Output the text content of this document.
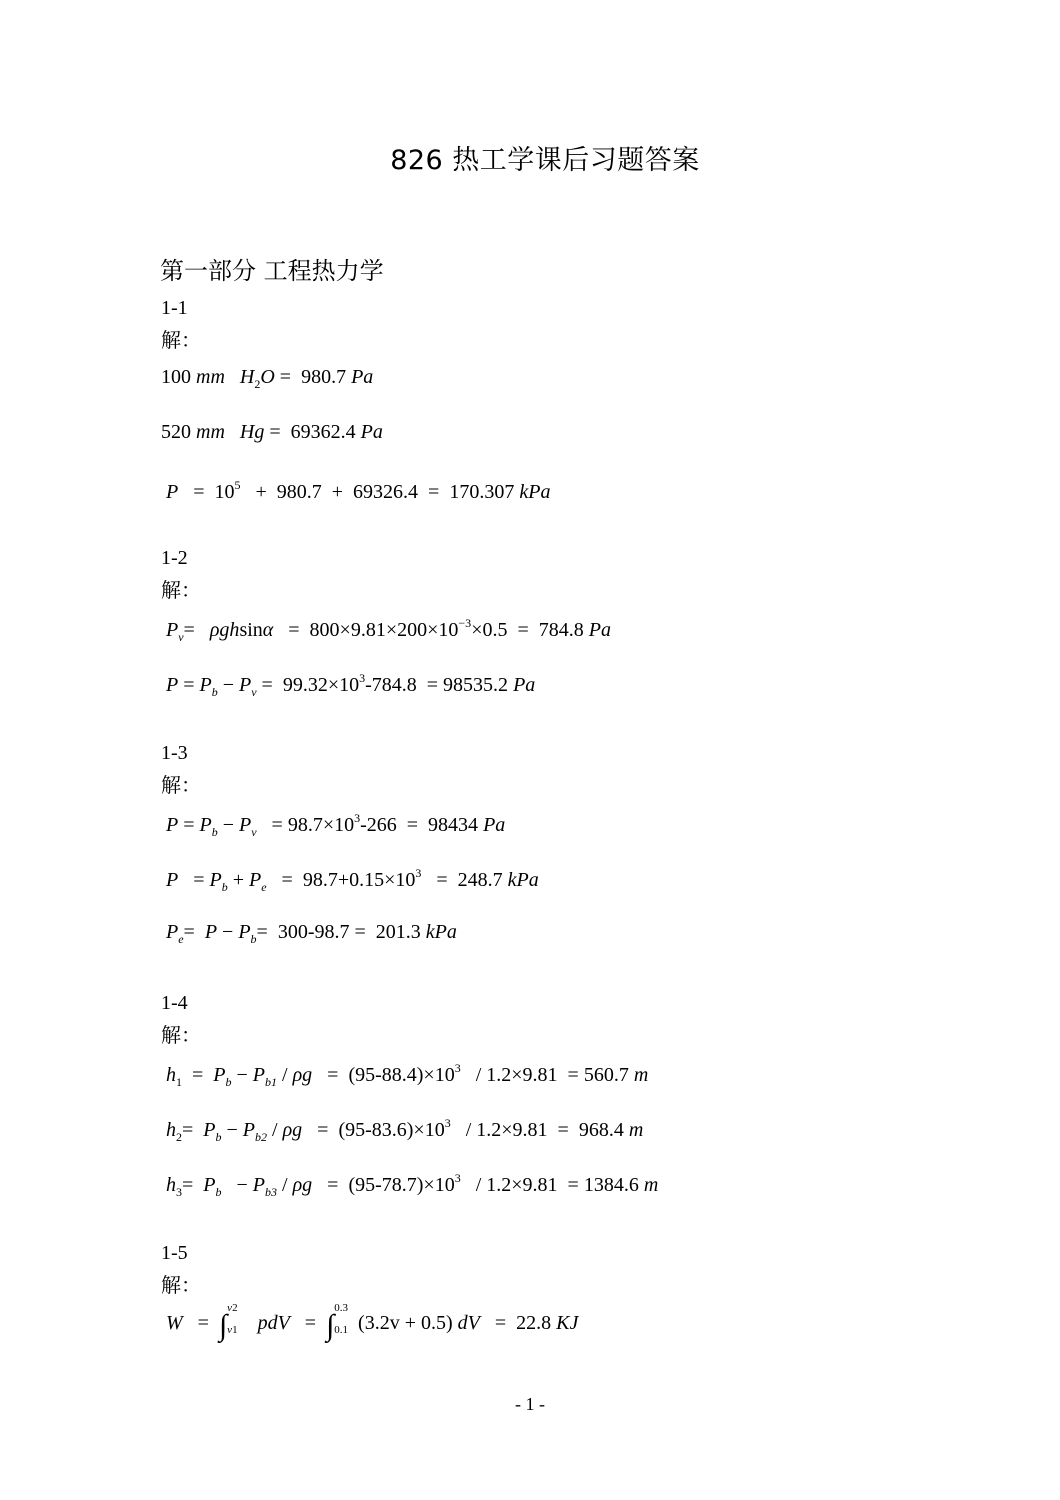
826 热工学课后习题答案
第一部分 工程热力学
1-1
解：
100 mm $H_2O = 980.7$ Pa
520 mm Hg =  69362.4 Pa
$P = 10^5 + 980.7 + 69326.4 = 170.307$ kPa
1-2
解：
$P_v= \rho ghsin\alpha = 800\times 9.81\times 200\times 10^{-3}\times 0.5 = 784.8$ Pa
$P = P_b - P_v = 99.32\times 10^3-784.8 = 98535.2$ Pa
1-3
解：
$P = P_b - P_v = 98.7\times 10^3-266 = 98434$ Pa
$P = P_b + P_e = 98.7+0.15\times 10^3 = 248.7$ kPa
$P_e= P - P_b= 300-98.7 = 201.3$ kPa
1-4
解：
$h_1 = P_b - P_{b1} / \rho g = (95-88.4)\times 10^3 / 1.2\times 9.81 = 560.7$ m
$h_2= P_b - P_{b2} / \rho g = (95-83.6)\times 10^3 / 1.2\times 9.81 = 968.4$ m
$h_3= P_b - P_{b3} / \rho g = (95-78.7)\times 10^3 / 1.2\times 9.81 = 1384.6$ m
1-5
解：
W   =  ∫
v2

v1 pdV   =  ∫
0.3

0.1 (3.2v + 0.5) dV   =  22.8 KJ
- 1 -
